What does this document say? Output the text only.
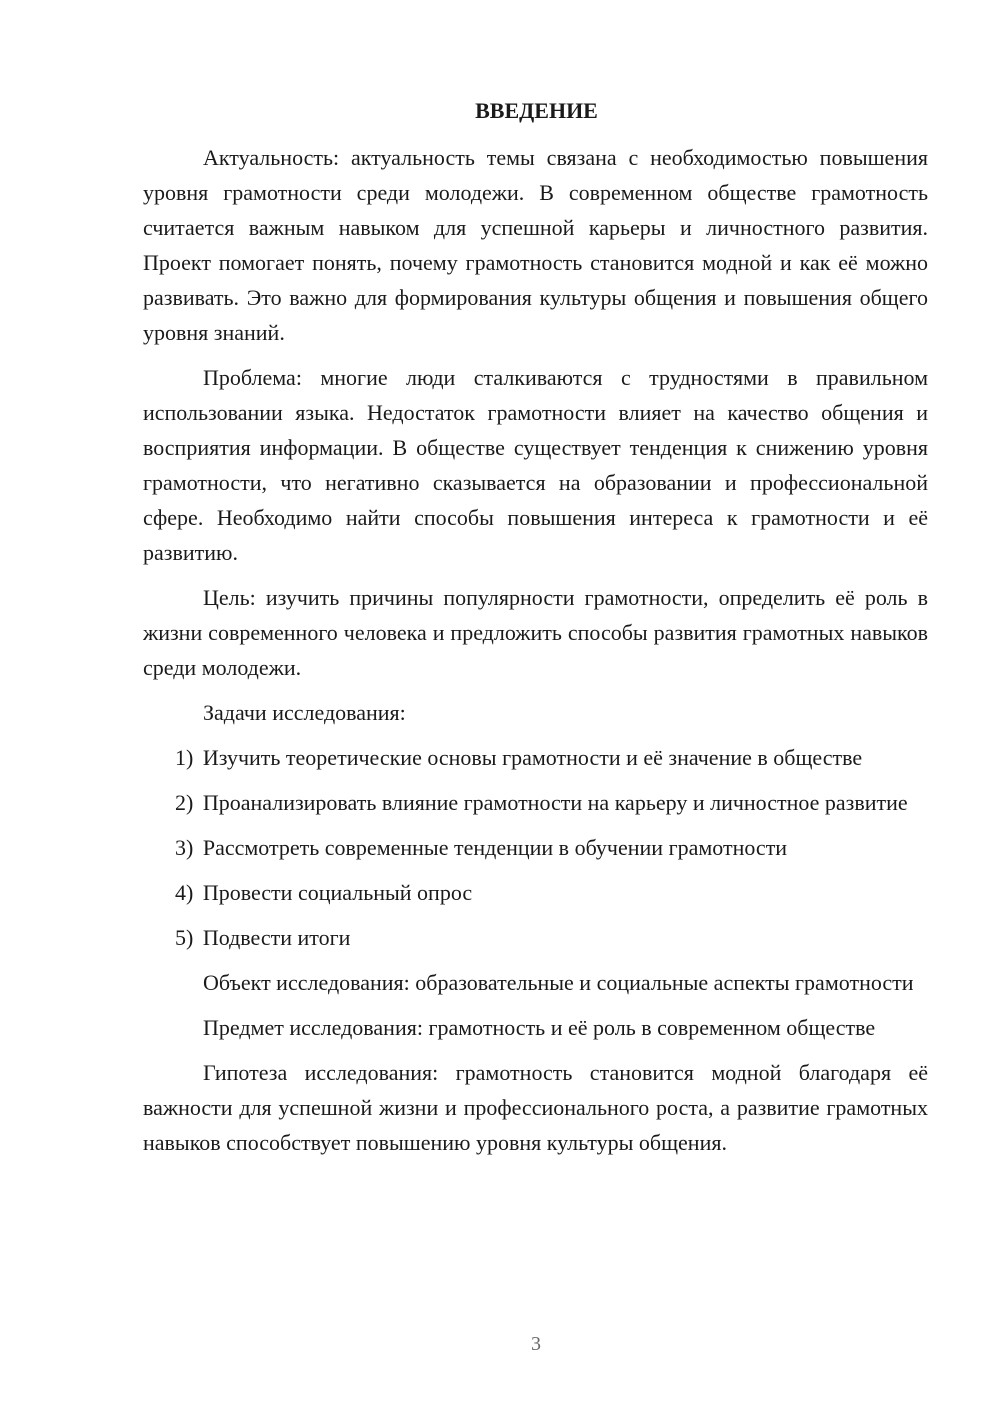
ВВЕДЕНИЕ

Актуальность: актуальность темы связана с необходимостью повышения уровня грамотности среди молодежи. В современном обществе грамотность считается важным навыком для успешной карьеры и личностного развития. Проект помогает понять, почему грамотность становится модной и как её можно развивать. Это важно для формирования культуры общения и повышения общего уровня знаний.

Проблема: многие люди сталкиваются с трудностями в правильном использовании языка. Недостаток грамотности влияет на качество общения и восприятия информации. В обществе существует тенденция к снижению уровня грамотности, что негативно сказывается на образовании и профессиональной сфере. Необходимо найти способы повышения интереса к грамотности и её развитию.

Цель: изучить причины популярности грамотности, определить её роль в жизни современного человека и предложить способы развития грамотных навыков среди молодежи.

Задачи исследования:

1) Изучить теоретические основы грамотности и её значение в обществе

2) Проанализировать влияние грамотности на карьеру и личностное развитие

3) Рассмотреть современные тенденции в обучении грамотности

4) Провести социальный опрос

5) Подвести итоги

Объект исследования: образовательные и социальные аспекты грамотности

Предмет исследования: грамотность и её роль в современном обществе

Гипотеза исследования: грамотность становится модной благодаря её важности для успешной жизни и профессионального роста, а развитие грамотных навыков способствует повышению уровня культуры общения.

3
